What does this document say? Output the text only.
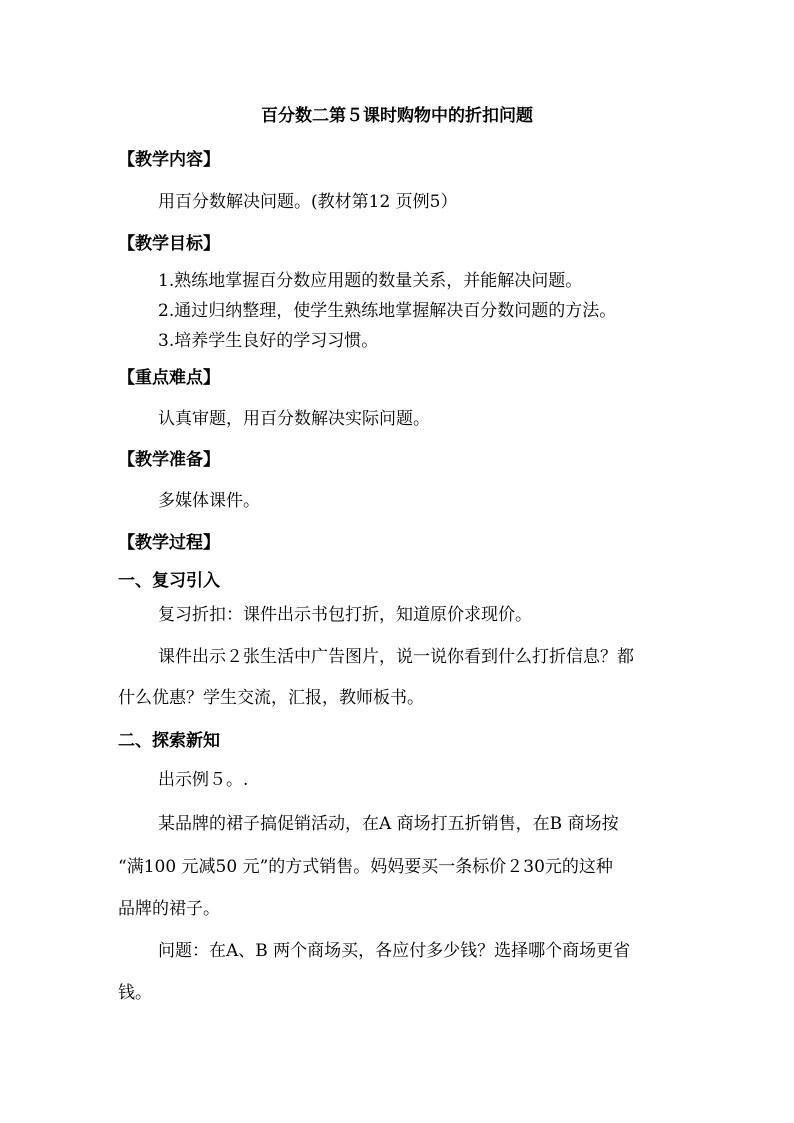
百分数二第５课时购物中的折扣问题
【教学内容】
用百分数解决问题。(教材第12 页例5）
【教学目标】
1.熟练地掌握百分数应用题的数量关系，并能解决问题。
2.通过归纳整理，使学生熟练地掌握解决百分数问题的方法。
3.培养学生良好的学习习惯。
【重点难点】
认真审题，用百分数解决实际问题。
【教学准备】
多媒体课件。
【教学过程】
一、复习引入
复习折扣：课件出示书包打折，知道原价求现价。
课件出示２张生活中广告图片，说一说你看到什么打折信息？都
什么优惠？学生交流，汇报，教师板书。
二、探索新知
出示例５。.
某品牌的裙子搞促销活动，在A 商场打五折销售，在B 商场按
“满100 元减50 元”的方式销售。妈妈要买一条标价２30元的这种
品牌的裙子。
问题：在A、B 两个商场买，各应付多少钱？选择哪个商场更省
钱。
